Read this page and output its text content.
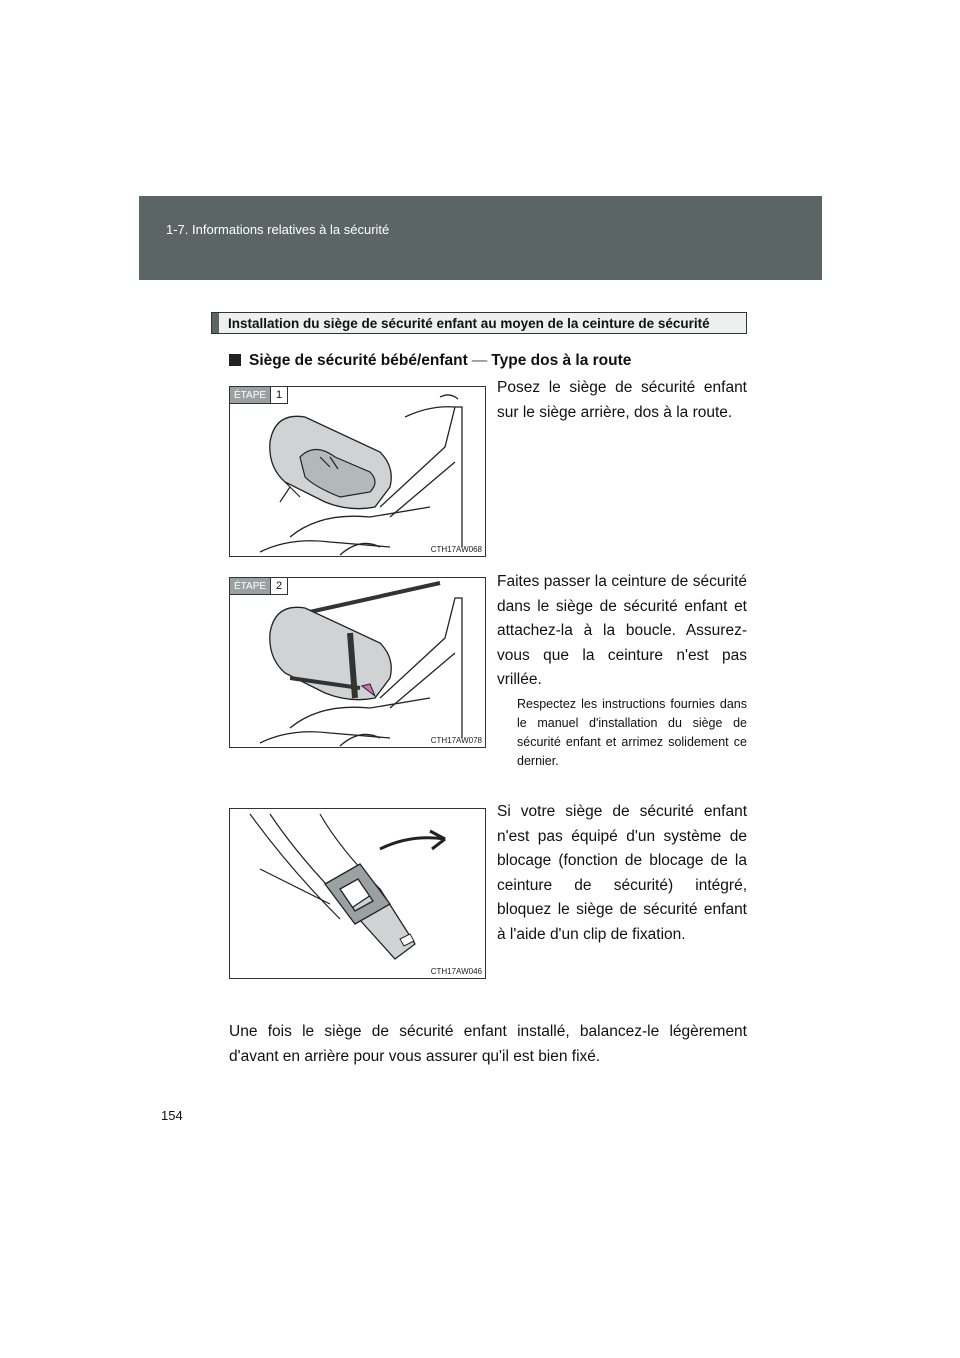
1-7. Informations relatives à la sécurité
Installation du siège de sécurité enfant au moyen de la ceinture de sécurité
Siège de sécurité bébé/enfant — Type dos à la route
ÉTAPE 1
CTH17AW068
Posez le siège de sécurité enfant sur le siège arrière, dos à la route.
ÉTAPE 2
CTH17AW078
Faites passer la ceinture de sécurité dans le siège de sécurité enfant et attachez-la à la boucle. Assurez-vous que la ceinture n'est pas vrillée.
Respectez les instructions fournies dans le manuel d'installation du siège de sécurité enfant et arrimez solidement ce dernier.
CTH17AW046
Si votre siège de sécurité enfant n'est pas équipé d'un système de blocage (fonction de blocage de la ceinture de sécurité) intégré, bloquez le siège de sécurité enfant à l'aide d'un clip de fixation.
Une fois le siège de sécurité enfant installé, balancez-le légèrement d'avant en arrière pour vous assurer qu'il est bien fixé.
154
